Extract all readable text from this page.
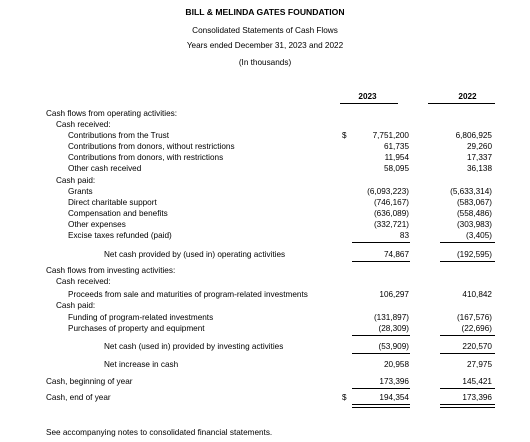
BILL & MELINDA GATES FOUNDATION
Consolidated Statements of Cash Flows
Years ended December 31, 2023 and 2022
(In thousands)
2023	2022
Cash flows from operating activities:
Cash received:
Contributions from the Trust	$	7,751,200	6,806,925
Contributions from donors, without restrictions	61,735	29,260
Contributions from donors, with restrictions	11,954	17,337
Other cash received	58,095	36,138
Cash paid:
Grants	(6,093,223)	(5,633,314)
Direct charitable support	(746,167)	(583,067)
Compensation and benefits	(636,089)	(558,486)
Other expenses	(332,721)	(303,983)
Excise taxes refunded (paid)	83	(3,405)
Net cash provided by (used in) operating activities	74,867	(192,595)
Cash flows from investing activities:
Cash received:
Proceeds from sale and maturities of program-related investments	106,297	410,842
Cash paid:
Funding of program-related investments	(131,897)	(167,576)
Purchases of property and equipment	(28,309)	(22,696)
Net cash (used in) provided by investing activities	(53,909)	220,570
Net increase in cash	20,958	27,975
Cash, beginning of year	173,396	145,421
Cash, end of year	$	194,354	173,396
See accompanying notes to consolidated financial statements.
